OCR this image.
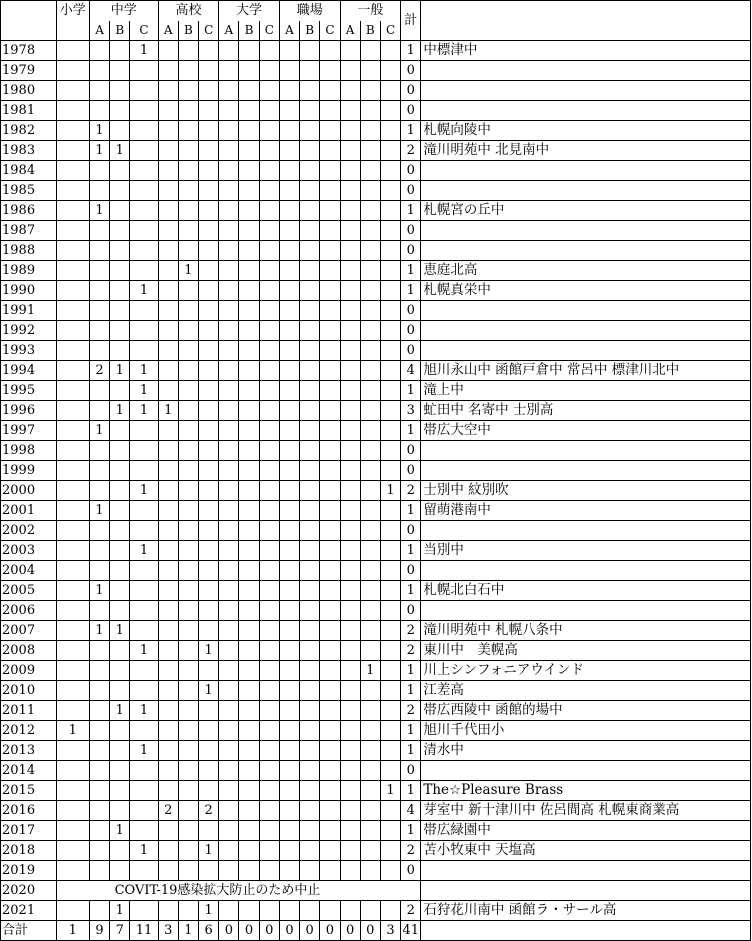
	小学	中学			高校			大学			職場			一般			計	
		A	B	C	A	B	C	A	B	C	A	B	C	A	B	C		
1978				1													1	中標津中
1979																	0	
1980																	0	
1981																	0	
1982		1															1	札幌向陵中
1983		1	1														2	滝川明苑中 北見南中
1984																	0	
1985																	0	
1986		1															1	札幌宮の丘中
1987																	0	
1988																	0	
1989						1											1	恵庭北高
1990				1													1	札幌真栄中
1991																	0	
1992																	0	
1993																	0	
1994		2	1	1													4	旭川永山中 函館戸倉中 常呂中 標津川北中
1995				1													1	滝上中
1996			1	1	1												3	虻田中 名寄中 士別高
1997		1															1	帯広大空中
1998																	0	
1999																	0	
2000				1												1	2	士別中 紋別吹
2001		1															1	留萌港南中
2002																	0	
2003				1													1	当別中
2004																	0	
2005		1															1	札幌北白石中
2006																	0	
2007		1	1														2	滝川明苑中 札幌八条中
2008				1			1										2	東川中　美幌高
2009															1		1	川上シンフォニアウインド
2010							1										1	江差高
2011			1	1													2	帯広西陵中 函館的場中
2012	1																1	旭川千代田小
2013				1													1	清水中
2014																	0	
2015																1	1	The☆Pleasure Brass
2016					2		2										4	芽室中 新十津川中 佐呂間高 札幌東商業高
2017			1														1	帯広緑園中
2018				1			1										2	苫小牧東中 天塩高
2019																	0	
2020	COVIT-19感染拡大防止のため中止																	
2021			1				1										2	石狩花川南中 函館ラ・サール高
合計	1	9	7	11	3	1	6	0	0	0	0	0	0	0	0	3	41	
